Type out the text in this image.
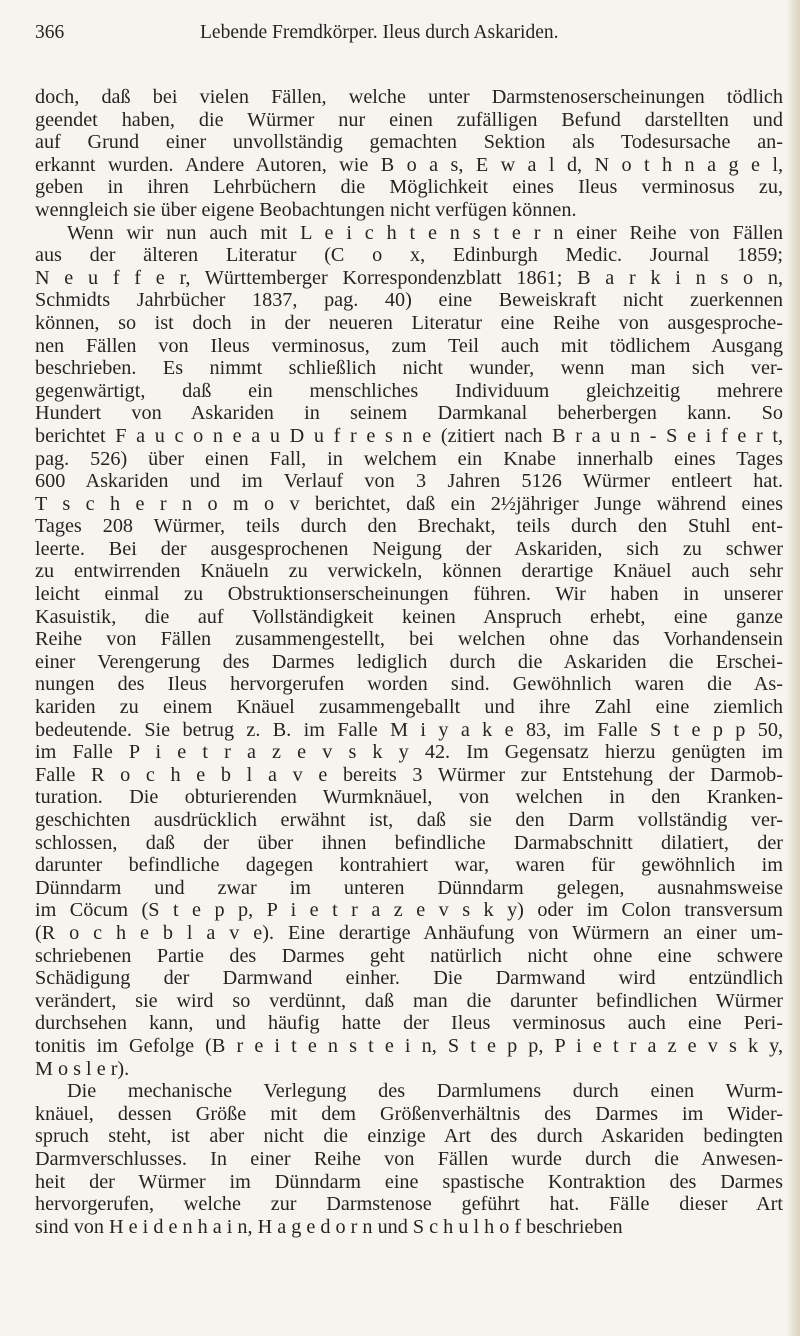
366	Lebende Fremdkörper. Ileus durch Askariden.
doch, daß bei vielen Fällen, welche unter Darmstenoserscheinungen tödlich
geendet haben, die Würmer nur einen zufälligen Befund darstellten und
auf Grund einer unvollständig gemachten Sektion als Todesursache an-
erkannt wurden. Andere Autoren, wie B o a s, E w a l d, N o t h n a g e l,
geben in ihren Lehrbüchern die Möglichkeit eines Ileus verminosus zu,
wenngleich sie über eigene Beobachtungen nicht verfügen können.
Wenn wir nun auch mit L e i c h t e n s t e r n einer Reihe von Fällen
aus der älteren Literatur (C o x, Edinburgh Medic. Journal 1859;
N e u f f e r, Württemberger Korrespondenzblatt 1861; B a r k i n s o n,
Schmidts Jahrbücher 1837, pag. 40) eine Beweiskraft nicht zuerkennen
können, so ist doch in der neueren Literatur eine Reihe von ausgesproche-
nen Fällen von Ileus verminosus, zum Teil auch mit tödlichem Ausgang
beschrieben. Es nimmt schließlich nicht wunder, wenn man sich ver-
gegenwärtigt, daß ein menschliches Individuum gleichzeitig mehrere
Hundert von Askariden in seinem Darmkanal beherbergen kann. So
berichtet F a u c o n e a u D u f r e s n e (zitiert nach B r a u n - S e i f e r t,
pag. 526) über einen Fall, in welchem ein Knabe innerhalb eines Tages
600 Askariden und im Verlauf von 3 Jahren 5126 Würmer entleert hat.
T s c h e r n o m o v berichtet, daß ein 2½jähriger Junge während eines
Tages 208 Würmer, teils durch den Brechakt, teils durch den Stuhl ent-
leerte. Bei der ausgesprochenen Neigung der Askariden, sich zu schwer
zu entwirrenden Knäueln zu verwickeln, können derartige Knäuel auch sehr
leicht einmal zu Obstruktionserscheinungen führen. Wir haben in unserer
Kasuistik, die auf Vollständigkeit keinen Anspruch erhebt, eine ganze
Reihe von Fällen zusammengestellt, bei welchen ohne das Vorhandensein
einer Verengerung des Darmes lediglich durch die Askariden die Erschei-
nungen des Ileus hervorgerufen worden sind. Gewöhnlich waren die As-
kariden zu einem Knäuel zusammengeballt und ihre Zahl eine ziemlich
bedeutende. Sie betrug z. B. im Falle M i y a k e 83, im Falle S t e p p 50,
im Falle P i e t r a z e v s k y 42. Im Gegensatz hierzu genügten im
Falle R o c h e b l a v e bereits 3 Würmer zur Entstehung der Darmob-
turation. Die obturierenden Wurmknäuel, von welchen in den Kranken-
geschichten ausdrücklich erwähnt ist, daß sie den Darm vollständig ver-
schlossen, daß der über ihnen befindliche Darmabschnitt dilatiert, der
darunter befindliche dagegen kontrahiert war, waren für gewöhnlich im
Dünndarm und zwar im unteren Dünndarm gelegen, ausnahmsweise
im Cöcum (S t e p p, P i e t r a z e v s k y) oder im Colon transversum
(R o c h e b l a v e). Eine derartige Anhäufung von Würmern an einer um-
schriebenen Partie des Darmes geht natürlich nicht ohne eine schwere
Schädigung der Darmwand einher. Die Darmwand wird entzündlich
verändert, sie wird so verdünnt, daß man die darunter befindlichen Würmer
durchsehen kann, und häufig hatte der Ileus verminosus auch eine Peri-
tonitis im Gefolge (B r e i t e n s t e i n, S t e p p, P i e t r a z e v s k y,
M o s l e r).
Die mechanische Verlegung des Darmlumens durch einen Wurm-
knäuel, dessen Größe mit dem Größenverhältnis des Darmes im Wider-
spruch steht, ist aber nicht die einzige Art des durch Askariden bedingten
Darmverschlusses. In einer Reihe von Fällen wurde durch die Anwesen-
heit der Würmer im Dünndarm eine spastische Kontraktion des Darmes
hervorgerufen, welche zur Darmstenose geführt hat. Fälle dieser Art
sind von H e i d e n h a i n, H a g e d o r n und S c h u l h o f beschrieben
